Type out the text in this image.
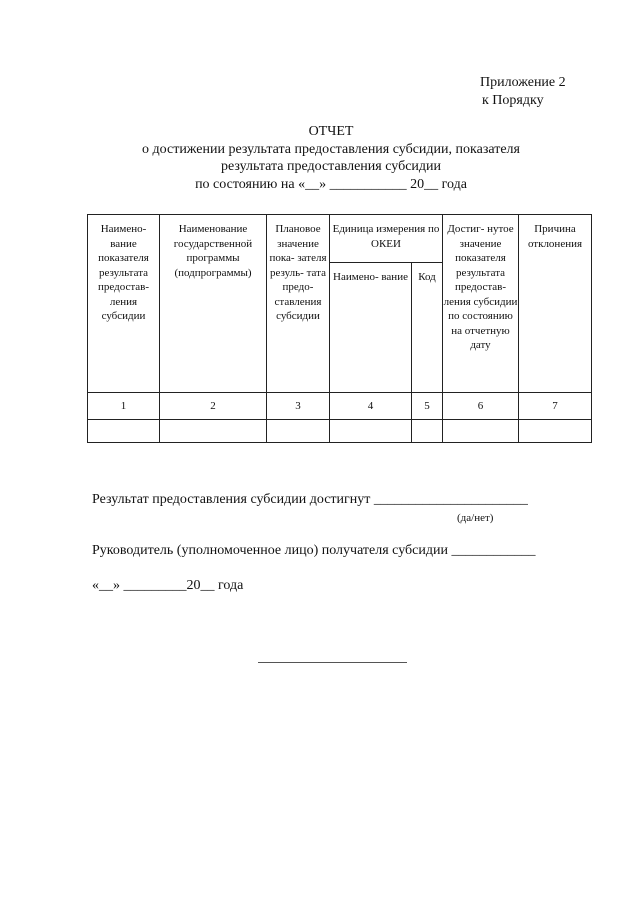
Приложение 2
к Порядку
ОТЧЕТ
о достижении результата предоставления субсидии, показателя
результата предоставления субсидии
по состоянию на «__» ___________ 20__ года
Наимено- вание показателя результата предостав- ления субсидии	Наименование государственной программы (подпрограммы)	Плановое значение пока- зателя резуль- тата предо- ставления субсидии	Единица измерения по ОКЕИ		Достиг- нутое значение показателя результата предостав- ления субсидии по состоянию на отчетную дату	Причина отклонения
			Наимено- вание	Код		
1	2	3	4	5	6	7

Результат предоставления субсидии достигнут ______________________
(да/нет)
Руководитель (уполномоченное лицо) получателя субсидии ____________
«__» _________20__ года
